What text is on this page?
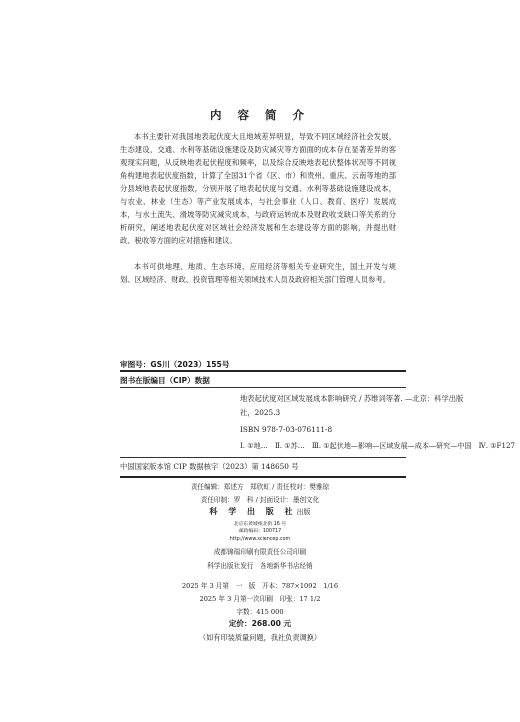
内 容 简 介

本书主要针对我国地表起伏度大且地域差异明显，导致不同区域经济社会发展，生态建设，交通、水利等基础设施建设及防灾减灾等方面面的成本存在显著差异的客观现实问题，从反映地表起伏程度和频率，以及综合反映地表起伏整体状况等不同视角构建地表起伏度指数，计算了全国31个省（区、市）和贵州、重庆、云南等地的部分县域地表起伏度指数，分别开展了地表起伏度与交通、水利等基础设施建设成本，与农业、林业（生态）等产业发展成本，与社会事业（人口、教育、医疗）发展成本，与水土流失、滑坡等防灾减灾成本，与政府运转成本及财政收支缺口等关系的分析研究，阐述地表起伏度对区域社会经济发展和生态建设等方面的影响，并提出财政、税收等方面的应对措施和建议。

本书可供地理、地质、生态环境、应用经济等相关专业研究生，国土开发与规划、区域经济、财政、投资管理等相关领域技术人员及政府相关部门管理人员参考。

审图号：GS川（2023）155号
图书在版编目（CIP）数据
地表起伏度对区域发展成本影响研究 / 苏维词等著. —北京：科学出版
社，2025.3
ISBN 978-7-03-076111-8
Ⅰ. ①地…　Ⅱ. ①苏…　Ⅲ. ①起伏地—影响—区域发展—成本—研究—中国　Ⅳ. ①F127
中国国家版本馆 CIP 数据核字（2023）第 148650 号
责任编辑：郑述方　郑欣虹 / 责任校对：樊雅琼
责任印制：罗　科 / 封面设计：墨创文化
科 学 出 版 社出版
北京东黄城根北街 16 号
邮政编码：100717
http://www.sciencep.com
成都锦瑞印刷有限责任公司印刷
科学出版社发行　各地新华书店经销
2025 年 3 月第　一　版　开本：787×1092　1/16
2025 年 3 月第一次印刷　印张：17 1/2
字数：415 000
定价：268.00 元
（如有印装质量问题，我社负责调换）
